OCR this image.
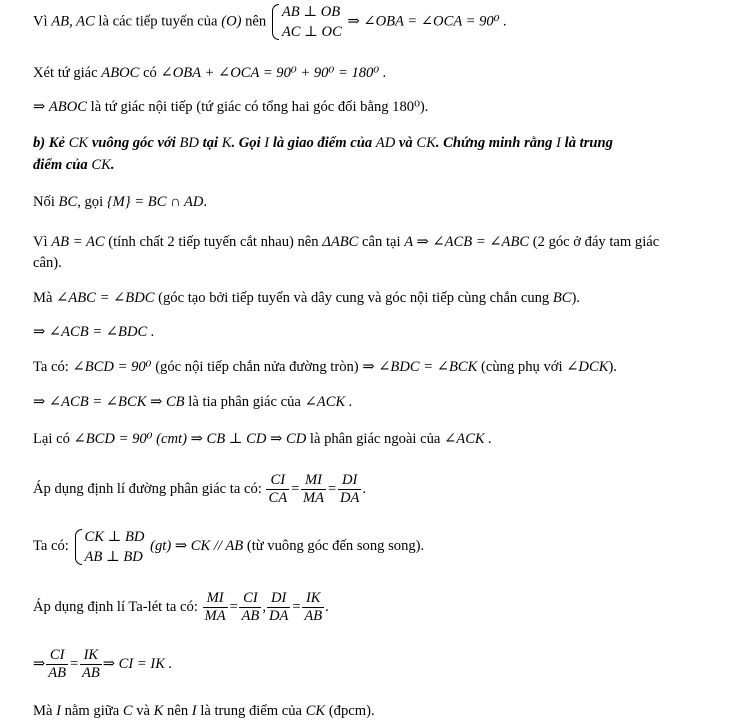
Vì AB, AC là các tiếp tuyến của (O) nên
AB ⊥ OB
AC ⊥ OC
⇒ ∠OBA = ∠OCA = 90⁰ .
Xét tứ giác ABOC có ∠OBA + ∠OCA = 90⁰ + 90⁰ = 180⁰ .
⇒ ABOC là tứ giác nội tiếp (tứ giác có tổng hai góc đối bằng 180⁰).
b) Kẻ CK vuông góc với BD tại K. Gọi I là giao điểm của AD và CK. Chứng minh rằng I là trung
điểm của CK.
Nối BC, gọi {M} = BC ∩ AD.
Vì AB = AC (tính chất 2 tiếp tuyến cắt nhau) nên ΔABC cân tại A ⇒ ∠ACB = ∠ABC (2 góc ở đáy tam giác
cân).
Mà ∠ABC = ∠BDC (góc tạo bởi tiếp tuyến và dây cung và góc nội tiếp cùng chắn cung BC).
⇒ ∠ACB = ∠BDC .
Ta có: ∠BCD = 90⁰ (góc nội tiếp chắn nửa đường tròn) ⇒ ∠BDC = ∠BCK (cùng phụ với ∠DCK).
⇒ ∠ACB = ∠BCK ⇒ CB là tia phân giác của ∠ACK .
Lại có ∠BCD = 90⁰ (cmt) ⇒ CB ⊥ CD ⇒ CD là phân giác ngoài của ∠ACK .
Áp dụng định lí đường phân giác ta có: $\frac{CI}{CA} = \frac{MI}{MA} = \frac{DI}{DA}$ .
Ta có:
CK ⊥ BD
AB ⊥ BD
(gt) ⇒ CK // AB (từ vuông góc đến song song).
Áp dụng định lí Ta-lét ta có: $\frac{MI}{MA} = \frac{CI}{AB}$ , $\frac{DI}{DA} = \frac{IK}{AB}$ .
⇒ $\frac{CI}{AB} = \frac{IK}{AB}$ ⇒ CI = IK .
Mà I nằm giữa C và K nên I là trung điểm của CK (đpcm).
